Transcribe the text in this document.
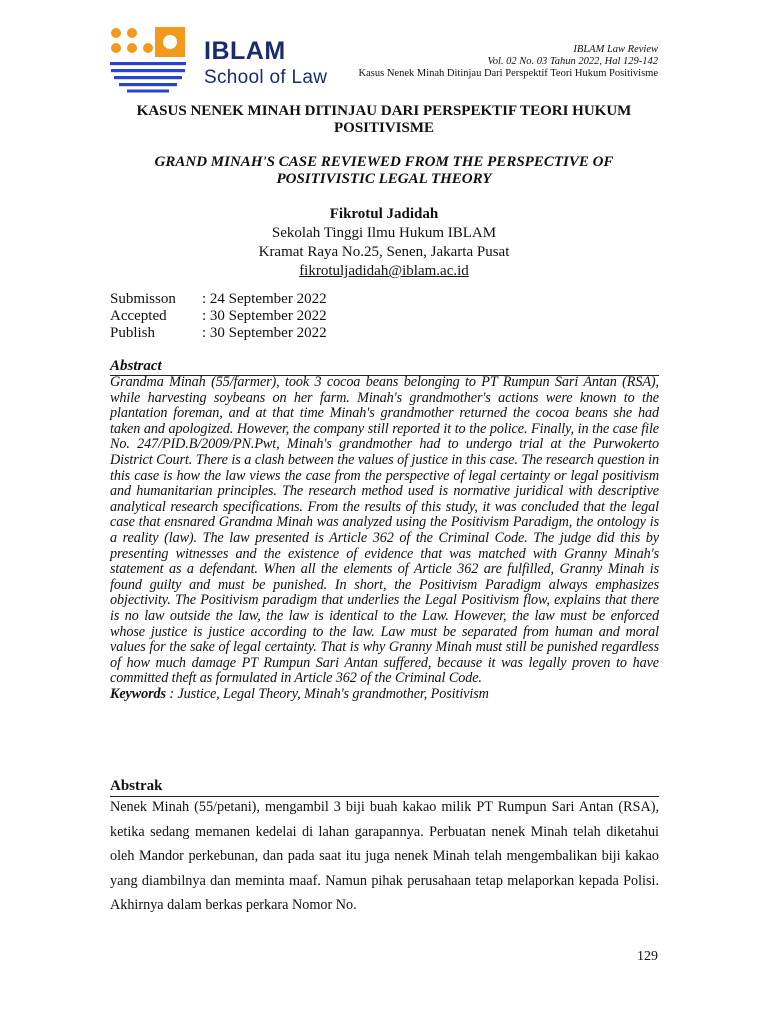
IBLAM
School of Law
IBLAM Law Review
Vol. 02 No. 03 Tahun 2022, Hal 129-142
Kasus Nenek Minah Ditinjau Dari Perspektif Teori Hukum Positivisme
KASUS NENEK MINAH DITINJAU DARI PERSPEKTIF TEORI HUKUM POSITIVISME
GRAND MINAH'S CASE REVIEWED FROM THE PERSPECTIVE OF POSITIVISTIC LEGAL THEORY
Fikrotul Jadidah
Sekolah Tinggi Ilmu Hukum IBLAM
Kramat Raya No.25, Senen, Jakarta Pusat
fikrotuljadidah@iblam.ac.id
Submisson	: 24 September 2022
Accepted	: 30 September 2022
Publish	: 30 September 2022
Abstract
Grandma Minah (55/farmer), took 3 cocoa beans belonging to PT Rumpun Sari Antan (RSA), while harvesting soybeans on her farm. Minah's grandmother's actions were known to the plantation foreman, and at that time Minah's grandmother returned the cocoa beans she had taken and apologized. However, the company still reported it to the police. Finally, in the case file No. 247/PID.B/2009/PN.Pwt, Minah's grandmother had to undergo trial at the Purwokerto District Court. There is a clash between the values of justice in this case. The research question in this case is how the law views the case from the perspective of legal certainty or legal positivism and humanitarian principles. The research method used is normative juridical with descriptive analytical research specifications. From the results of this study, it was concluded that the legal case that ensnared Grandma Minah was analyzed using the Positivism Paradigm, the ontology is a reality (law). The law presented is Article 362 of the Criminal Code. The judge did this by presenting witnesses and the existence of evidence that was matched with Granny Minah's statement as a defendant. When all the elements of Article 362 are fulfilled, Granny Minah is found guilty and must be punished. In short, the Positivism Paradigm always emphasizes objectivity. The Positivism paradigm that underlies the Legal Positivism flow, explains that there is no law outside the law, the law is identical to the Law. However, the law must be enforced whose justice is justice according to the law. Law must be separated from human and moral values for the sake of legal certainty. That is why Granny Minah must still be punished regardless of how much damage PT Rumpun Sari Antan suffered, because it was legally proven to have committed theft as formulated in Article 362 of the Criminal Code.
Keywords : Justice, Legal Theory, Minah's grandmother, Positivism
Abstrak
Nenek Minah (55/petani), mengambil 3 biji buah kakao milik PT Rumpun Sari Antan (RSA), ketika sedang memanen kedelai di lahan garapannya. Perbuatan nenek Minah telah diketahui oleh Mandor perkebunan, dan pada saat itu juga nenek Minah telah mengembalikan biji kakao yang diambilnya dan meminta maaf. Namun pihak perusahaan tetap melaporkan kepada Polisi. Akhirnya dalam berkas perkara Nomor No.
129
